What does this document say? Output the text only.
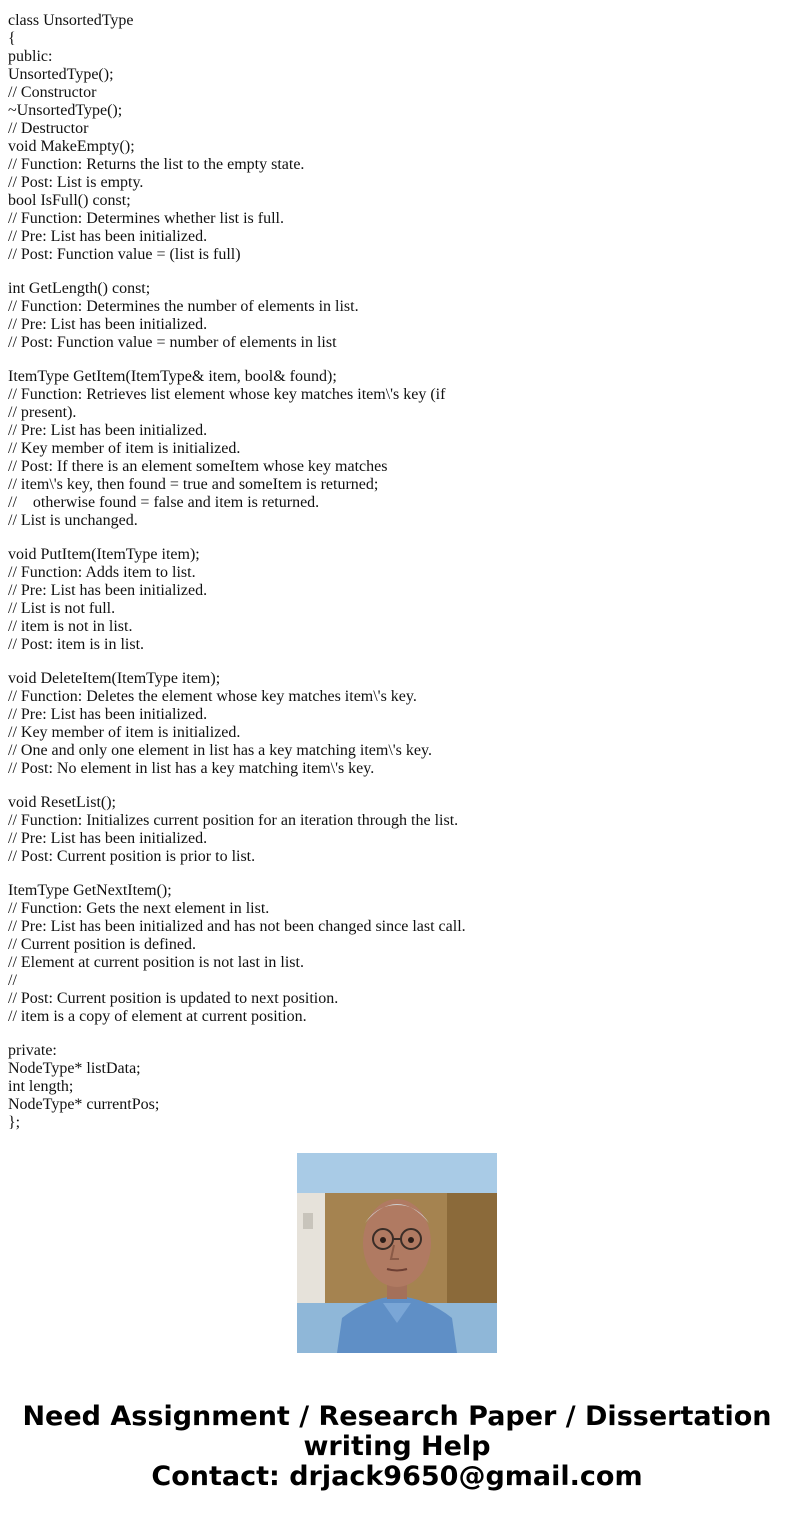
class UnsortedType
{
public:
UnsortedType();
// Constructor
~UnsortedType();
// Destructor
void MakeEmpty();
// Function: Returns the list to the empty state.
// Post: List is empty.
bool IsFull() const;
// Function: Determines whether list is full.
// Pre: List has been initialized.
// Post: Function value = (list is full)
int GetLength() const;
// Function: Determines the number of elements in list.
// Pre: List has been initialized.
// Post: Function value = number of elements in list
ItemType GetItem(ItemType& item, bool& found);
// Function: Retrieves list element whose key matches item\'s key (if
// present).
// Pre: List has been initialized.
// Key member of item is initialized.
// Post: If there is an element someItem whose key matches
// item\'s key, then found = true and someItem is returned;
//    otherwise found = false and item is returned.
// List is unchanged.
void PutItem(ItemType item);
// Function: Adds item to list.
// Pre: List has been initialized.
// List is not full.
// item is not in list.
// Post: item is in list.
void DeleteItem(ItemType item);
// Function: Deletes the element whose key matches item\'s key.
// Pre: List has been initialized.
// Key member of item is initialized.
// One and only one element in list has a key matching item\'s key.
// Post: No element in list has a key matching item\'s key.
void ResetList();
// Function: Initializes current position for an iteration through the list.
// Pre: List has been initialized.
// Post: Current position is prior to list.
ItemType GetNextItem();
// Function: Gets the next element in list.
// Pre: List has been initialized and has not been changed since last call.
// Current position is defined.
// Element at current position is not last in list.
//
// Post: Current position is updated to next position.
// item is a copy of element at current position.
private:
NodeType* listData;
int length;
NodeType* currentPos;
};
Need Assignment / Research Paper / Dissertation
writing Help
Contact: drjack9650@gmail.com
